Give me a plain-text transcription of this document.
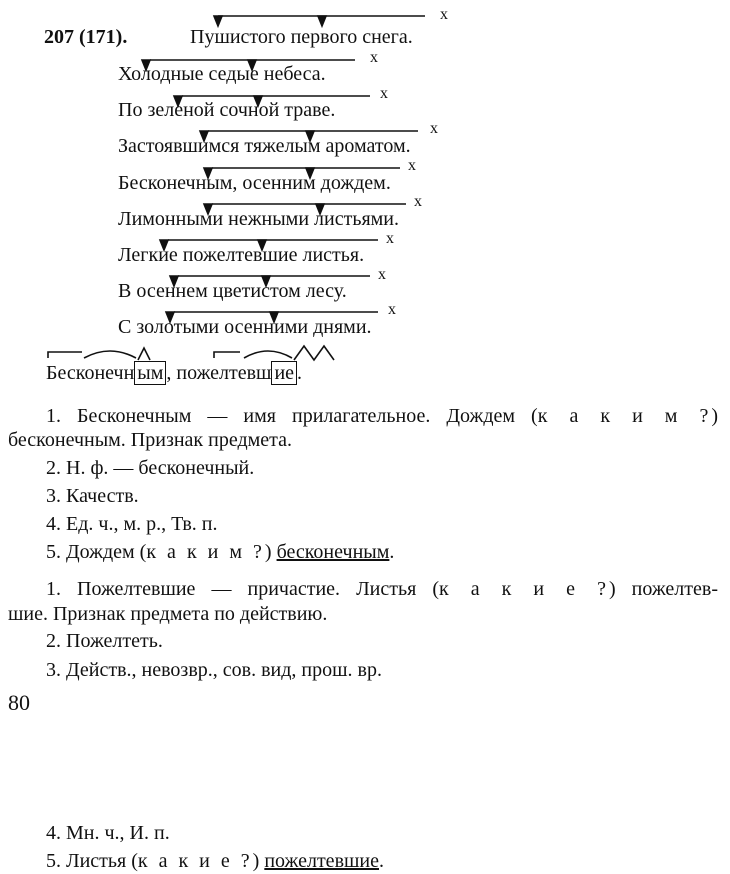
207 (171).
х
х
х
х
х
х
х
х
х
Пушистого первого снега.
Холодные седые небеса.
По зеленой сочной траве.
Застоявшимся тяжелым ароматом.
Бесконечным, осенним дождем.
Лимонными нежными листьями.
Легкие пожелтевшие листья.
В осеннем цветистом лесу.
С золотыми осенними днями.
Бесконечн ым , пожелтевш ие .
1. Бесконечным — имя прилагательное. Дождем (к а к и м ?)
бесконечным. Признак предмета.
2. Н. ф. — бесконечный.
3. Качеств.
4. Ед. ч., м. р., Тв. п.
5. Дождем (к а к и м ?) бесконечным.
1. Пожелтевшие — причастие. Листья (к а к и е ?) пожелтев-
шие. Признак предмета по действию.
2. Пожелтеть.
3. Действ., невозвр., сов. вид, прош. вр.
80
4. Мн. ч., И. п.
5. Листья (к а к и е ?) пожелтевшие.
